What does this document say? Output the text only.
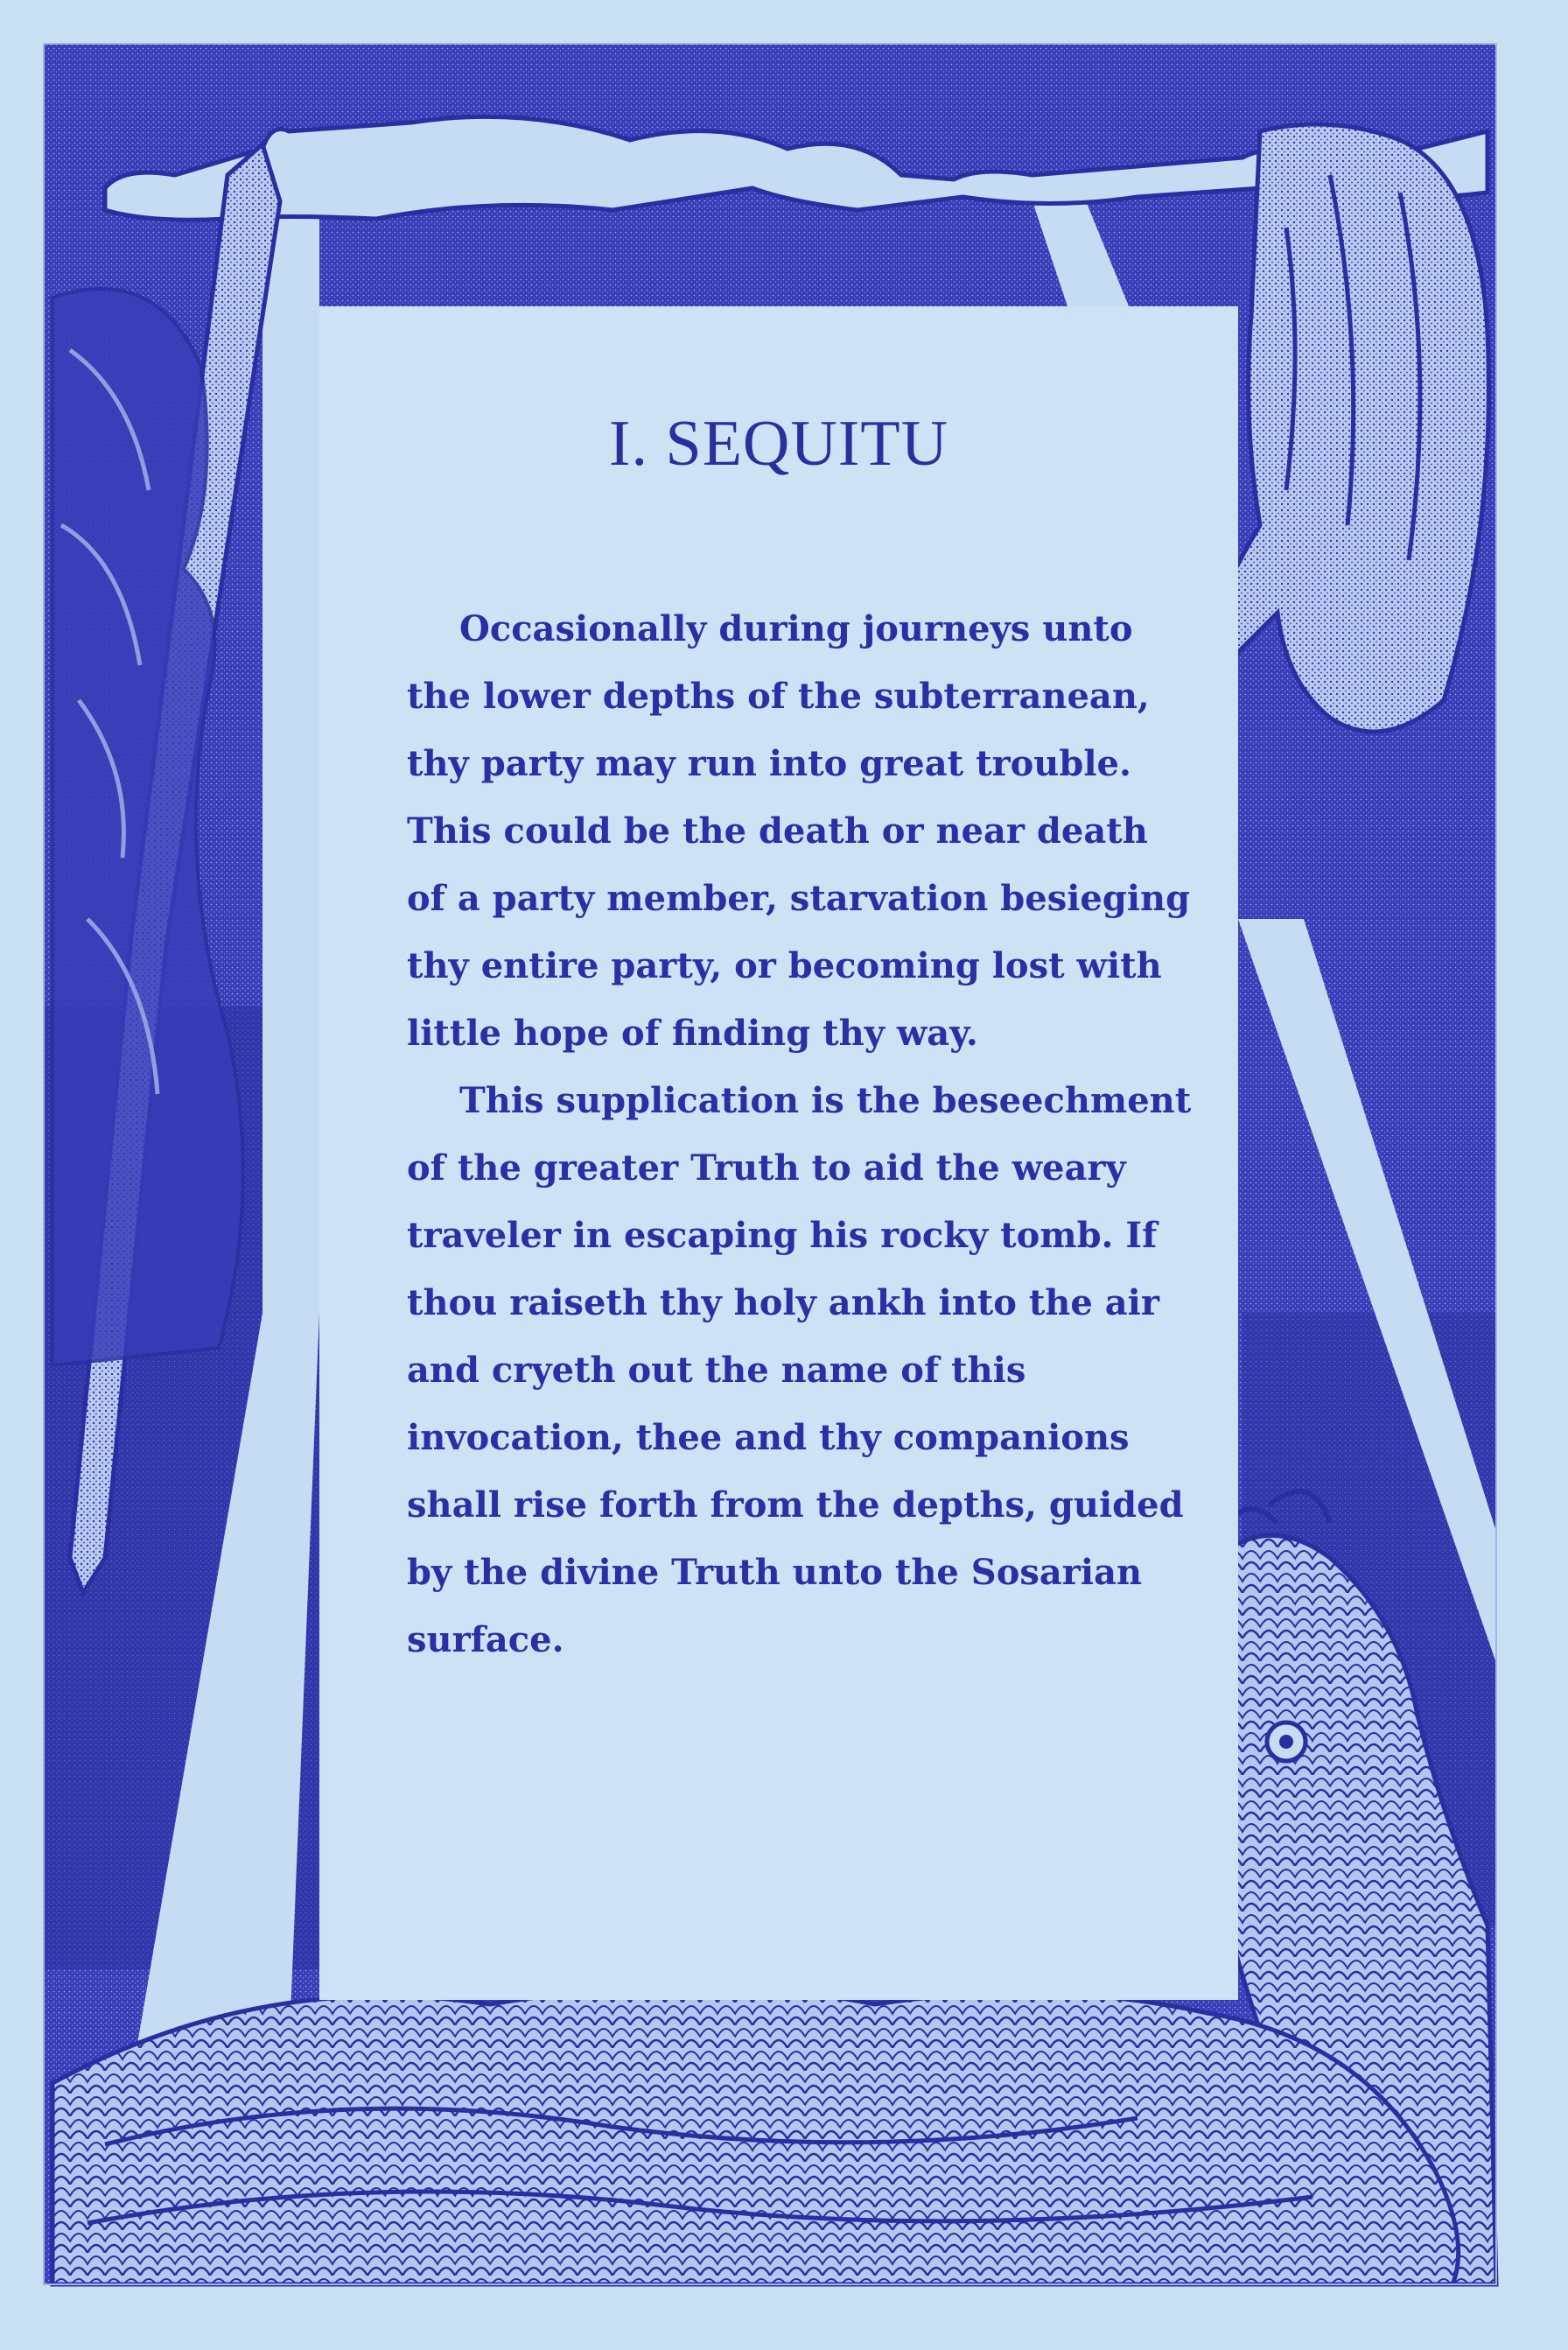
I. SEQUITU

Occasionally during journeys unto the lower depths of the subterranean, thy party may run into great trouble. This could be the death or near death of a party member, starvation besieging thy entire party, or becoming lost with little hope of finding thy way.

This supplication is the beseechment of the greater Truth to aid the weary traveler in escaping his rocky tomb. If thou raiseth thy holy ankh into the air and cryeth out the name of this invocation, thee and thy companions shall rise forth from the depths, guided by the divine Truth unto the Sosarian surface.
